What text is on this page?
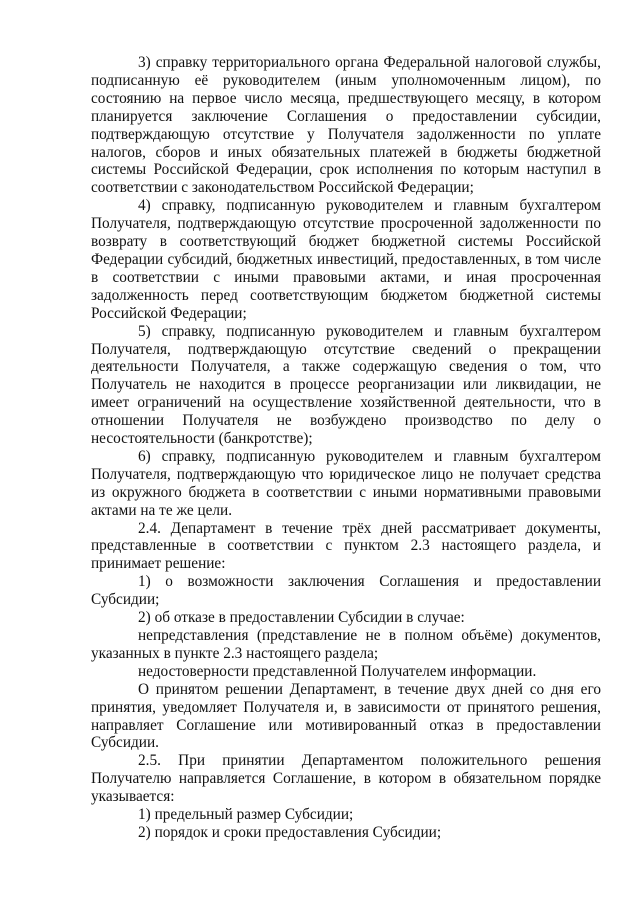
3) справку территориального органа Федеральной налоговой службы, подписанную её руководителем (иным уполномоченным лицом), по состоянию на первое число месяца, предшествующего месяцу, в котором планируется заключение Соглашения о предоставлении субсидии, подтверждающую отсутствие у Получателя задолженности по уплате налогов, сборов и иных обязательных платежей в бюджеты бюджетной системы Российской Федерации, срок исполнения по которым наступил в соответствии с законодательством Российской Федерации;

4) справку, подписанную руководителем и главным бухгалтером Получателя, подтверждающую отсутствие просроченной задолженности по возврату в соответствующий бюджет бюджетной системы Российской Федерации субсидий, бюджетных инвестиций, предоставленных, в том числе в соответствии с иными правовыми актами, и иная просроченная задолженность перед соответствующим бюджетом бюджетной системы Российской Федерации;

5) справку, подписанную руководителем и главным бухгалтером Получателя, подтверждающую отсутствие сведений о прекращении деятельности Получателя, а также содержащую сведения о том, что Получатель не находится в процессе реорганизации или ликвидации, не имеет ограничений на осуществление хозяйственной деятельности, что в отношении Получателя не возбуждено производство по делу о несостоятельности (банкротстве);

6) справку, подписанную руководителем и главным бухгалтером Получателя, подтверждающую что юридическое лицо не получает средства из окружного бюджета в соответствии с иными нормативными правовыми актами на те же цели.

2.4. Департамент в течение трёх дней рассматривает документы, представленные в соответствии с пунктом 2.3 настоящего раздела, и принимает решение:

1) о возможности заключения Соглашения и предоставлении Субсидии;

2) об отказе в предоставлении Субсидии в случае:

непредставления (представление не в полном объёме) документов, указанных в пункте 2.3 настоящего раздела;

недостоверности представленной Получателем информации.

О принятом решении Департамент, в течение двух дней со дня его принятия, уведомляет Получателя и, в зависимости от принятого решения, направляет Соглашение или мотивированный отказ в предоставлении Субсидии.

2.5. При принятии Департаментом положительного решения Получателю направляется Соглашение, в котором в обязательном порядке указывается:

1) предельный размер Субсидии;

2) порядок и сроки предоставления Субсидии;
